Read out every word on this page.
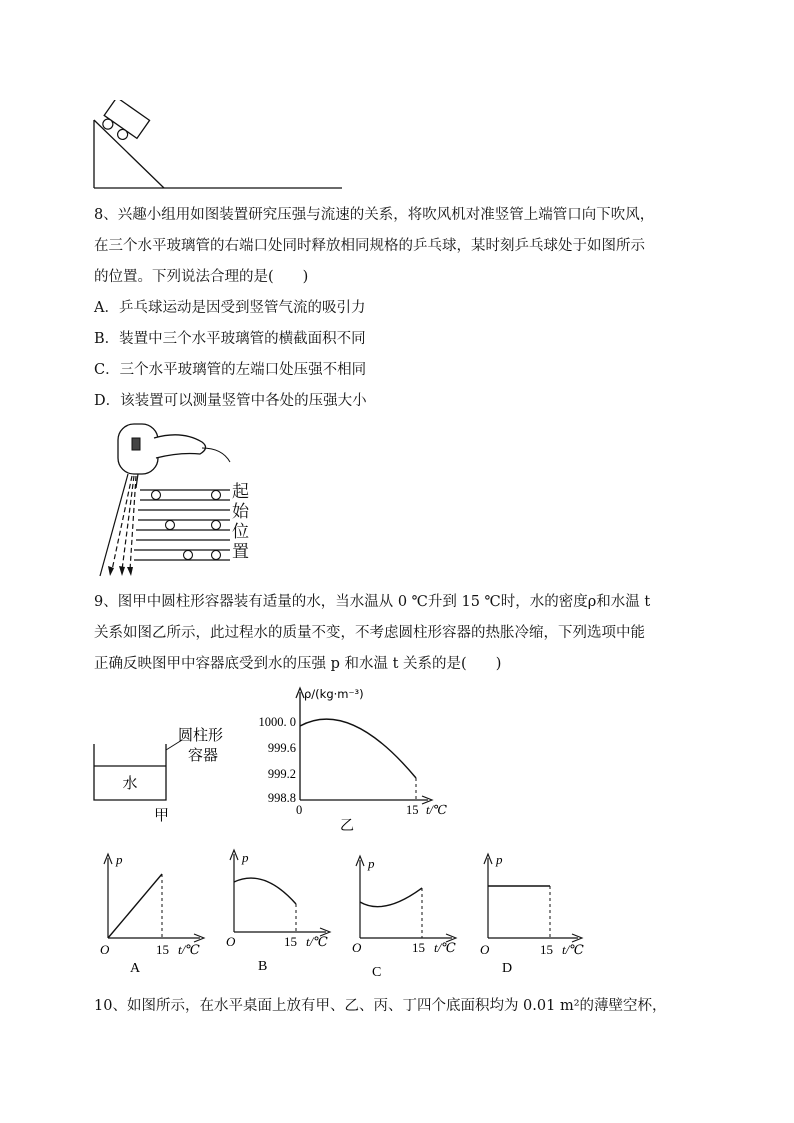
8、兴趣小组用如图装置研究压强与流速的关系，将吹风机对准竖管上端管口向下吹风，
在三个水平玻璃管的右端口处同时释放相同规格的乒乓球，某时刻乒乓球处于如图所示
的位置。下列说法合理的是(　　)
A．乒乓球运动是因受到竖管气流的吸引力
B．装置中三个水平玻璃管的横截面积不同
C．三个水平玻璃管的左端口处压强不相同
D．该装置可以测量竖管中各处的压强大小
起
始
位
置
9、图甲中圆柱形容器装有适量的水，当水温从 0 ℃升到 15 ℃时，水的密度ρ和水温 t
关系如图乙所示，此过程水的质量不变，不考虑圆柱形容器的热胀冷缩，下列选项中能
正确反映图甲中容器底受到水的压强 p 和水温 t 关系的是(　　)
水
圆柱形
容器
甲
ρ/(kg·m⁻³)
1000. 0
999.6
999.2
998.8
0	15 t/℃
乙
p
O	15 t/℃
A
p
O	15 t/℃
B
p
O	15 t/℃
C
p
O	15 t/℃
D
10、如图所示，在水平桌面上放有甲、乙、丙、丁四个底面积均为 0.01 m²的薄壁空杯，
